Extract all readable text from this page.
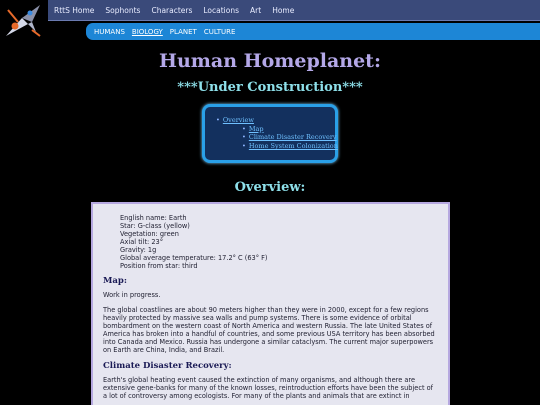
RttS Home Sophonts Characters Locations Art Home
HUMANS BIOLOGY PLANET CULTURE
Human Homeplanet:
***Under Construction***
• Overview
• Map
• Climate Disaster Recovery
• Home System Colonization
Overview:
English name: Earth
Star: G-class (yellow)
Vegetation: green
Axial tilt: 23°
Gravity: 1g
Global average temperature: 17.2° C (63° F)
Position from star: third
Map:

Work in progress.

The global coastlines are about 90 meters higher than they were in 2000, except for a few regions heavily protected by massive sea walls and pump systems. There is some evidence of orbital bombardment on the western coast of North America and western Russia. The late United States of America has broken into a handful of countries, and some previous USA territory has been absorbed into Canada and Mexico. Russia has undergone a similar cataclysm. The current major superpowers on Earth are China, India, and Brazil.

Climate Disaster Recovery:

Earth's global heating event caused the extinction of many organisms, and although there are extensive gene-banks for many of the known losses, reintroduction efforts have been the subject of a lot of controversy among ecologists. For many of the plants and animals that are extinct in
